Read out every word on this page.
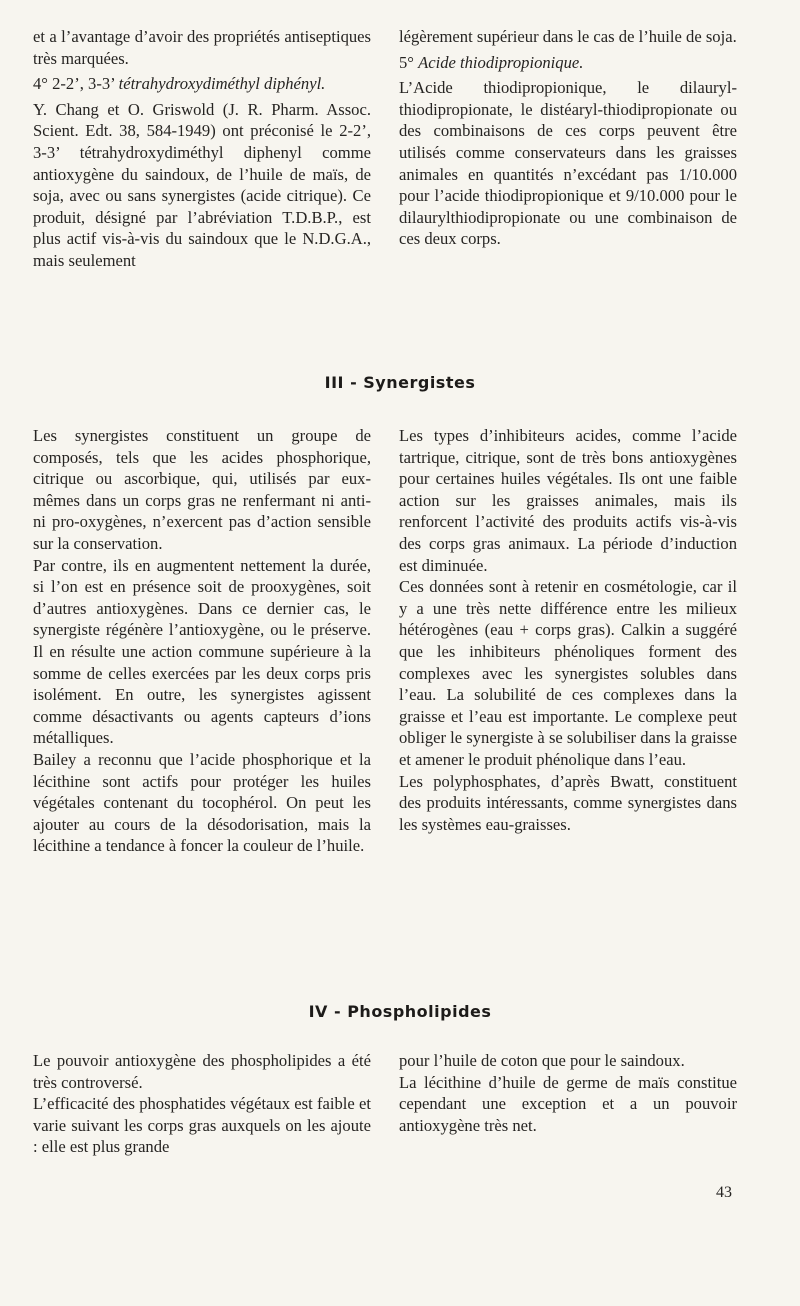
et a l’avantage d’avoir des propriétés antiseptiques très marquées.

4° 2-2’, 3-3’ tétrahydroxydiméthyl diphényl.

Y. Chang et O. Griswold (J. R. Pharm. Assoc. Scient. Edt. 38, 584-1949) ont préconisé le 2-2’, 3-3’ tétrahydroxydiméthyl diphenyl comme antioxygène du saindoux, de l’huile de maïs, de soja, avec ou sans synergistes (acide citrique). Ce produit, désigné par l’abréviation T.D.B.P., est plus actif vis-à-vis du saindoux que le N.D.G.A., mais seulement

légèrement supérieur dans le cas de l’huile de soja.

5° Acide thiodipropionique.

L’Acide thiodipropionique, le dilauryl-thiodipropionate, le distéaryl-thiodipropionate ou des combinaisons de ces corps peuvent être utilisés comme conservateurs dans les graisses animales en quantités n’excédant pas 1/10.000 pour l’acide thiodipropionique et 9/10.000 pour le dilaurylthiodipropionate ou une combinaison de ces deux corps.

III - Synergistes

Les synergistes constituent un groupe de composés, tels que les acides phosphorique, citrique ou ascorbique, qui, utilisés par eux-mêmes dans un corps gras ne renfermant ni anti- ni pro-oxygènes, n’exercent pas d’action sensible sur la conservation.

Par contre, ils en augmentent nettement la durée, si l’on est en présence soit de prooxygènes, soit d’autres antioxygènes. Dans ce dernier cas, le synergiste régénère l’antioxygène, ou le préserve. Il en résulte une action commune supérieure à la somme de celles exercées par les deux corps pris isolément. En outre, les synergistes agissent comme désactivants ou agents capteurs d’ions métalliques.

Bailey a reconnu que l’acide phosphorique et la lécithine sont actifs pour protéger les huiles végétales contenant du tocophérol. On peut les ajouter au cours de la désodorisation, mais la lécithine a tendance à foncer la couleur de l’huile.

Les types d’inhibiteurs acides, comme l’acide tartrique, citrique, sont de très bons antioxygènes pour certaines huiles végétales. Ils ont une faible action sur les graisses animales, mais ils renforcent l’activité des produits actifs vis-à-vis des corps gras animaux. La période d’induction est diminuée.

Ces données sont à retenir en cosmétologie, car il y a une très nette différence entre les milieux hétérogènes (eau + corps gras). Calkin a suggéré que les inhibiteurs phénoliques forment des complexes avec les synergistes solubles dans l’eau. La solubilité de ces complexes dans la graisse et l’eau est importante. Le complexe peut obliger le synergiste à se solubiliser dans la graisse et amener le produit phénolique dans l’eau.

Les polyphosphates, d’après Bwatt, constituent des produits intéressants, comme synergistes dans les systèmes eau-graisses.

IV - Phospholipides

Le pouvoir antioxygène des phospholipides a été très controversé.

L’efficacité des phosphatides végétaux est faible et varie suivant les corps gras auxquels on les ajoute : elle est plus grande

pour l’huile de coton que pour le saindoux.

La lécithine d’huile de germe de maïs constitue cependant une exception et a un pouvoir antioxygène très net.

43
